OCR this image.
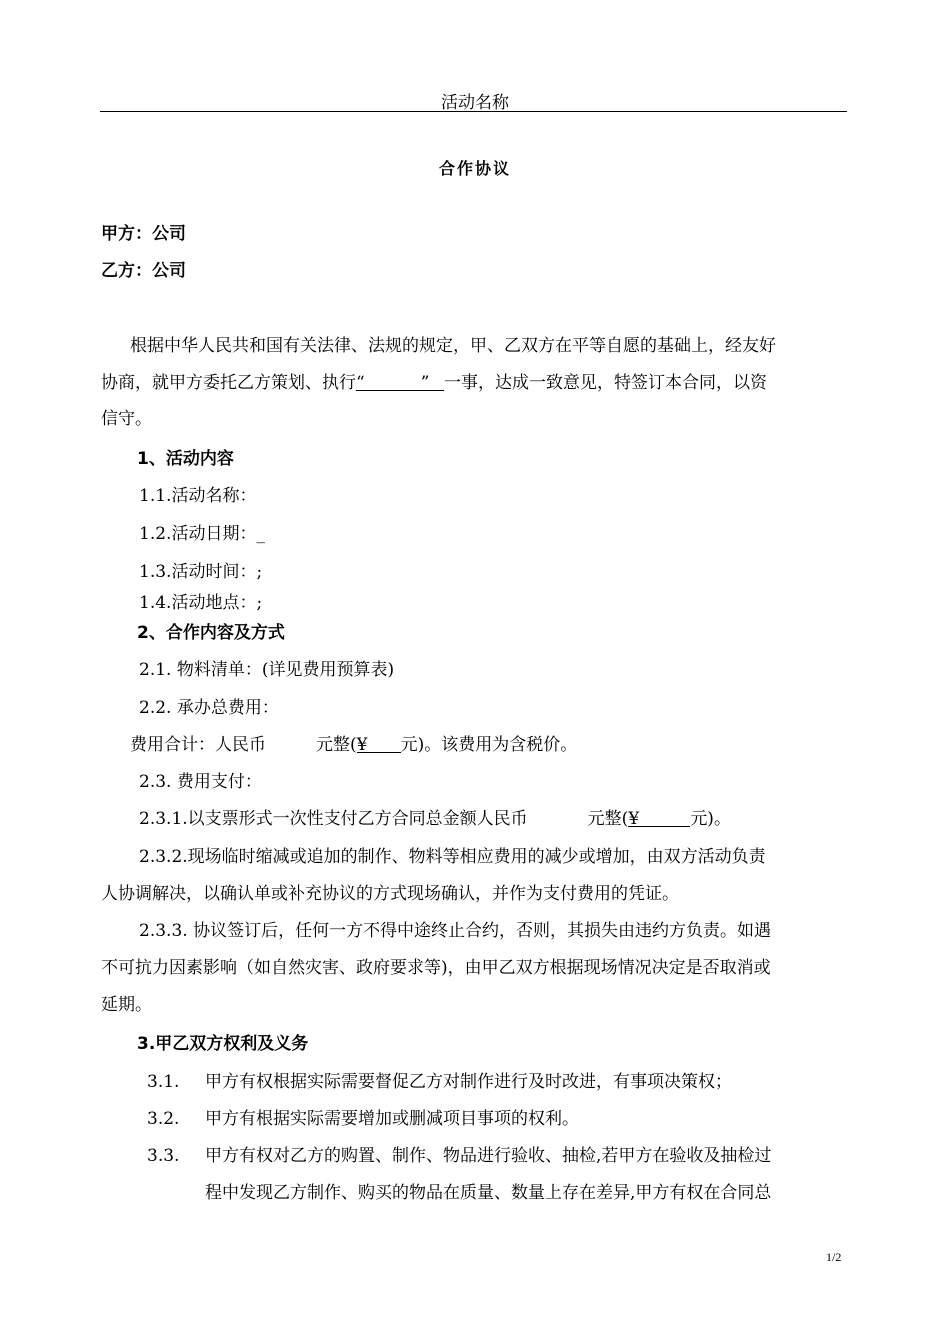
活动名称
合作协议
甲方：公司
乙方：公司
根据中华人民共和国有关法律、法规的规定，甲、乙双方在平等自愿的基础上，经友好
协商，就甲方委托乙方策划、执行“	” 一事，达成一致意见，特签订本合同，以资
信守。
1、活动内容
1.1.活动名称：
1.2.活动日期：_
1.3.活动时间：;
1.4.活动地点：;
2、合作内容及方式
2.1. 物料清单：(详见费用预算表)
2.2. 承办总费用：
费用合计：人民币	元整(¥ 元)。该费用为含税价。
2.3. 费用支付：
2.3.1.以支票形式一次性支付乙方合同总金额人民币	元整(¥	元)。
2.3.2.现场临时缩减或追加的制作、物料等相应费用的减少或增加，由双方活动负责
人协调解决，以确认单或补充协议的方式现场确认，并作为支付费用的凭证。
2.3.3. 协议签订后，任何一方不得中途终止合约，否则，其损失由违约方负责。如遇
不可抗力因素影响（如自然灾害、政府要求等)，由甲乙双方根据现场情况决定是否取消或
延期。
3.甲乙双方权利及义务
3.1. 甲方有权根据实际需要督促乙方对制作进行及时改进，有事项决策权；
3.2. 甲方有根据实际需要增加或删减项目事项的权利。
3.3. 甲方有权对乙方的购置、制作、物品进行验收、抽检,若甲方在验收及抽检过
程中发现乙方制作、购买的物品在质量、数量上存在差异,甲方有权在合同总
1/2
